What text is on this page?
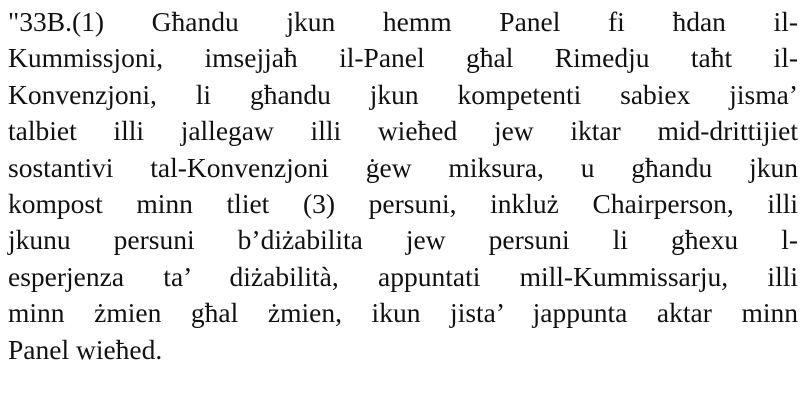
"33B.(1) Għandu jkun hemm Panel fi ħdan il-
Kummissjoni, imsejjaħ il-Panel għal Rimedju taħt il-
Konvenzjoni, li għandu jkun kompetenti sabiex jisma’
talbiet illi jallegaw illi wieħed jew iktar mid-drittijiet
sostantivi tal-Konvenzjoni ġew miksura, u għandu jkun
kompost minn tliet (3) persuni, inkluż Chairperson, illi
jkunu persuni b’diżabilita jew persuni li għexu l-
esperjenza ta’ diżabilità, appuntati mill-Kummissarju, illi
minn żmien għal żmien, ikun jista’ jappunta aktar minn
Panel wieħed.
